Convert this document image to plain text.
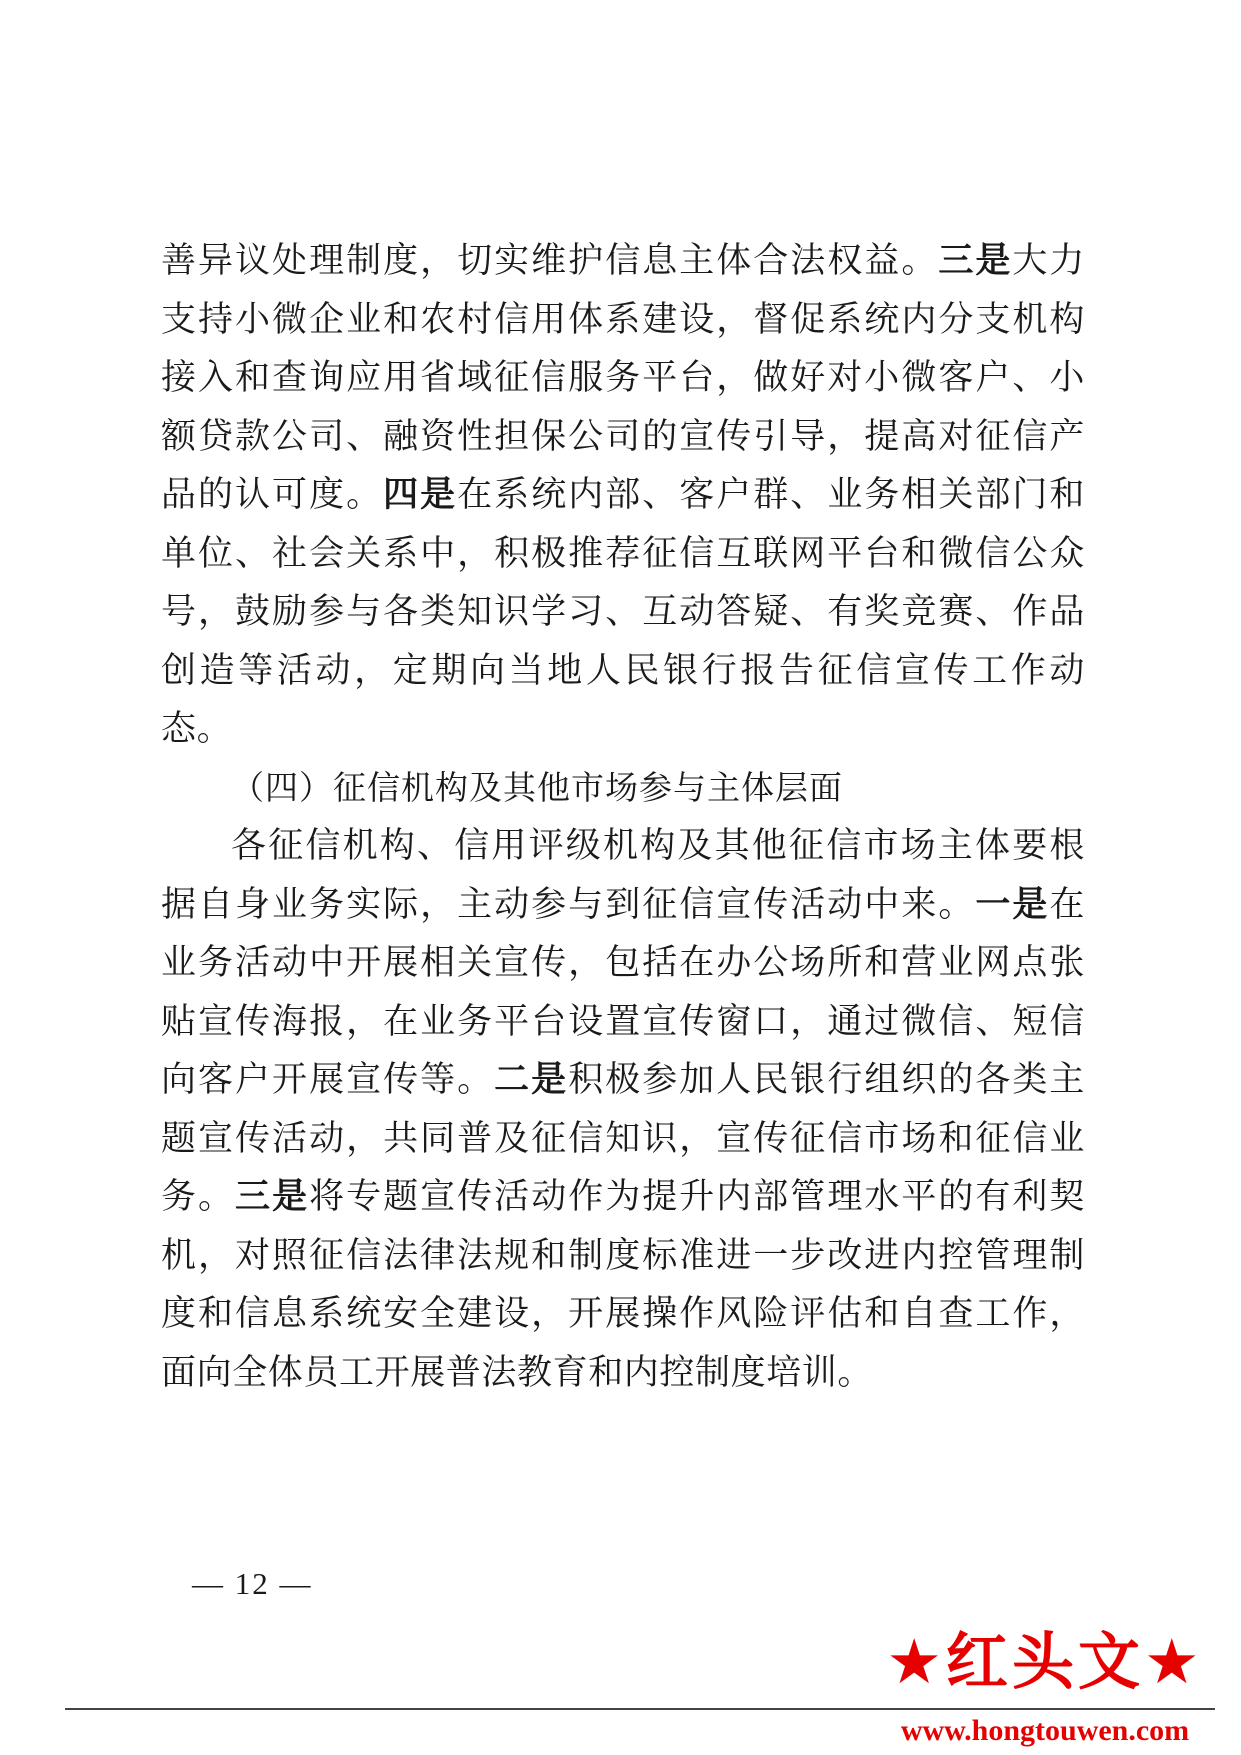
善异议处理制度，切实维护信息主体合法权益。三是大力支持小微企业和农村信用体系建设，督促系统内分支机构接入和查询应用省域征信服务平台，做好对小微客户、小额贷款公司、融资性担保公司的宣传引导，提高对征信产品的认可度。四是在系统内部、客户群、业务相关部门和单位、社会关系中，积极推荐征信互联网平台和微信公众号，鼓励参与各类知识学习、互动答疑、有奖竞赛、作品创造等活动，定期向当地人民银行报告征信宣传工作动态。

（四）征信机构及其他市场参与主体层面

各征信机构、信用评级机构及其他征信市场主体要根据自身业务实际，主动参与到征信宣传活动中来。一是在业务活动中开展相关宣传，包括在办公场所和营业网点张贴宣传海报，在业务平台设置宣传窗口，通过微信、短信向客户开展宣传等。二是积极参加人民银行组织的各类主题宣传活动，共同普及征信知识，宣传征信市场和征信业务。三是将专题宣传活动作为提升内部管理水平的有利契机，对照征信法律法规和制度标准进一步改进内控管理制度和信息系统安全建设，开展操作风险评估和自查工作，面向全体员工开展普法教育和内控制度培训。

— 12 —
★红头文★
www.hongtouwen.com
